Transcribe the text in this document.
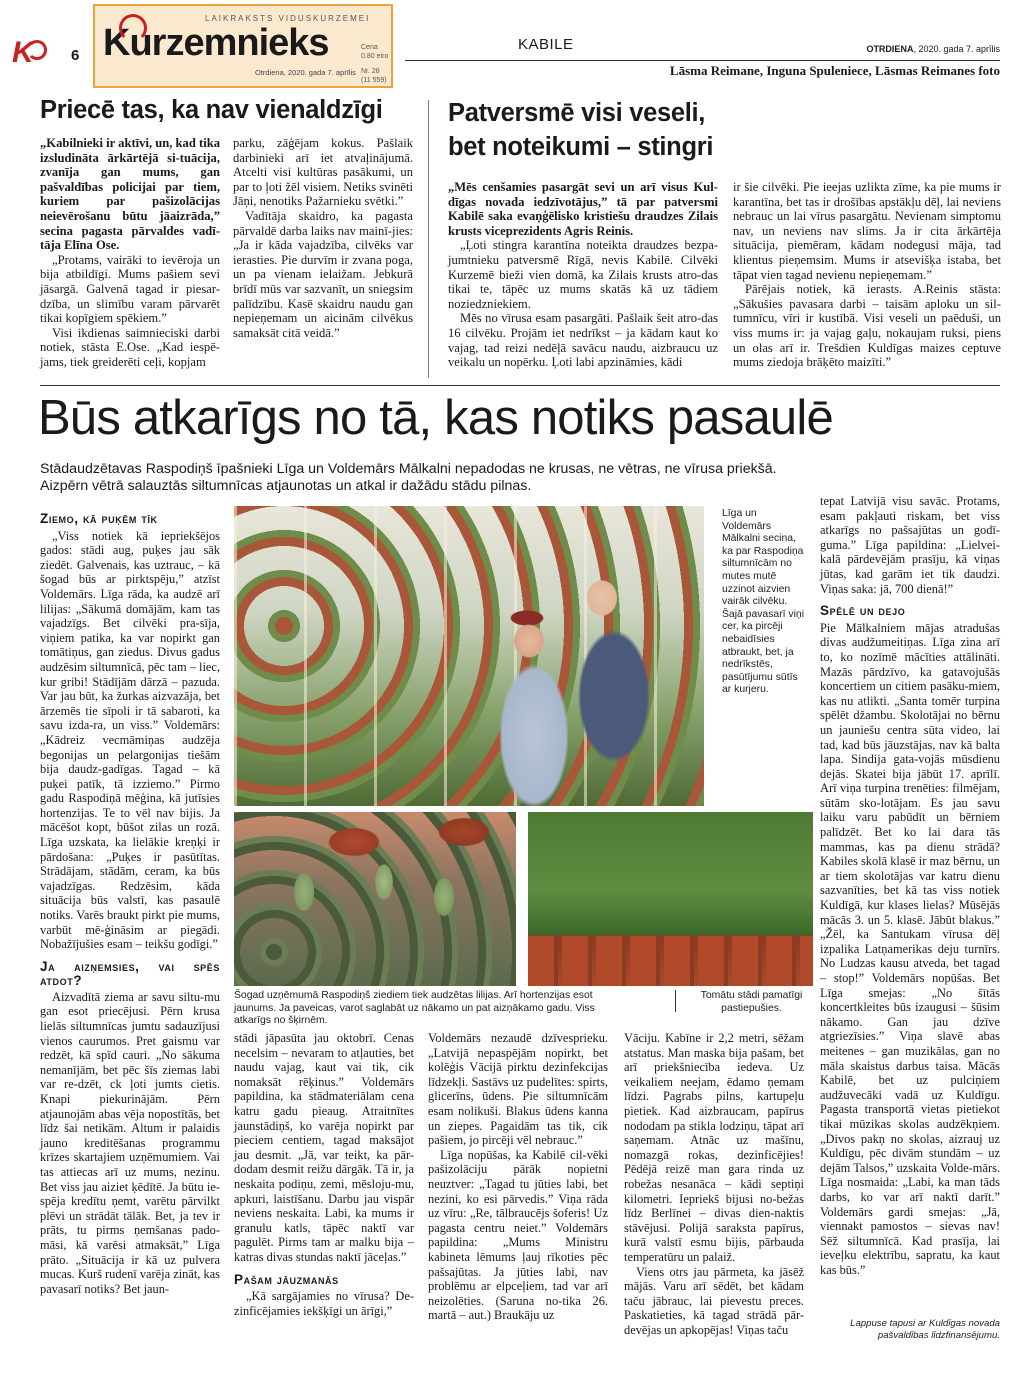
K 6
LAIKRAKSTS VIDUSKURZEMEI
Kurzemnieks	Cena
0.80 eiro
Otrdiena, 2020. gada 7. aprīlis Nr. 28
(11 559)
KABILE	OTRDIENA, 2020. gada 7. aprīlis
Lāsma Reimane, Inguna Spuleniece, Lāsmas Reimanes foto
Priecē tas, ka nav vienaldzīgi

„Kabilnieki ir aktīvi, un, kad tika izsludināta ārkārtējā si-tuācija, zvanīja gan mums, gan pašvaldības policijai par tiem, kuriem par pašizolācijas neievērošanu būtu jāaizrāda,” secina pagasta pārvaldes vadī-tāja Elīna Ose.

„Protams, vairāki to ievēroja un bija atbildīgi. Mums pašiem sevi jāsargā. Galvenā tagad ir piesar-dzība, un slimību varam pārvarēt tikai kopīgiem spēkiem.”

Visi ikdienas saimnieciski darbi notiek, stāsta E.Ose. „Kad iespē-jams, tiek greiderēti ceļi, kopjam

parku, zāģējam kokus. Pašlaik darbinieki arī iet atvaļinājumā. Atcelti visi kultūras pasākumi, un par to ļoti žēl visiem. Netiks svinēti Jāņi, nenotiks Pažarnieku svētki.”

Vadītāja skaidro, ka pagasta pārvaldē darba laiks nav mainī-jies: „Ja ir kāda vajadzība, cilvēks var ierasties. Pie durvīm ir zvana poga, un pa vienam ielaižam. Jebkurā brīdī mūs var sazvanīt, un sniegsim palīdzību. Kasē skaidru naudu gan nepieņemam un aicinām cilvēkus samaksāt citā veidā.”

Patversmē visi veseli,
bet noteikumi – stingri

„Mēs cenšamies pasargāt sevi un arī visus Kul-dīgas novada iedzīvotājus,” tā par patversmi Kabilē saka evaņģēlisko kristiešu draudzes Zilais krusts viceprezidents Agris Reinis.

„Ļoti stingra karantīna noteikta draudzes bezpa-jumtnieku patversmē Rīgā, nevis Kabilē. Cilvēki Kurzemē bieži vien domā, ka Zilais krusts atro-das tikai te, tāpēc uz mums skatās kā uz tādiem noziedzniekiem.

Mēs no vīrusa esam pasargāti. Pašlaik šeit atro-das 16 cilvēku. Projām iet nedrīkst – ja kādam kaut ko vajag, tad reizi nedēļā savācu naudu, aizbraucu uz veikalu un nopērku. Ļoti labi apzināmies, kādi

ir šie cilvēki. Pie ieejas uzlikta zīme, ka pie mums ir karantīna, bet tas ir drošības apstākļu dēļ, lai neviens nebrauc un lai vīrus pasargātu. Nevienam simptomu nav, un neviens nav slims. Ja ir cita ārkārtēja situācija, piemēram, kādam nodegusi māja, tad klientus pieņemsim. Mums ir atsevišķa istaba, bet tāpat vien tagad nevienu nepieņemam.”

Pārējais notiek, kā ierasts. A.Reinis stāsta: „Sākušies pavasara darbi – taisām aploku un sil-tumnīcu, vīri ir kustībā. Visi veseli un paēduši, un viss mums ir: ja vajag gaļu, nokaujam ruksi, piens un olas arī ir. Trešdien Kuldīgas maizes ceptuve mums ziedoja brāķēto maizīti.”

Būs atkarīgs no tā, kas notiks pasaulē
Stādaudzētavas Raspodiņš īpašnieki Līga un Voldemārs Mālkalni nepadodas ne krusas, ne vētras, ne vīrusa priekšā.
Aizpērn vētrā salauztās siltumnīcas atjaunotas un atkal ir dažādu stādu pilnas.
Ziemo, kā puķēm tīk

„Viss notiek kā iepriekšējos gados: stādi aug, puķes jau sāk ziedēt. Galvenais, kas uztrauc, – kā šogad būs ar pirktspēju,” atzīst Voldemārs. Līga rāda, ka audzē arī lilijas: „Sākumā domājām, kam tas vajadzīgs. Bet cilvēki pra-sīja, viņiem patika, ka var nopirkt gan tomātiņus, gan ziedus. Divus gadus audzēsim siltumnīcā, pēc tam – liec, kur gribi! Stādījām dārzā – pazuda. Var jau būt, ka žurkas aizvazāja, bet ārzemēs tie sīpoli ir tā sabaroti, ka savu izda-ra, un viss.” Voldemārs: „Kādreiz vecmāmiņas audzēja begonijas un pelargonijas tiešām bija daudz-gadīgas. Tagad – kā puķei patīk, tā izziemo.” Pirmo gadu Raspodiņā mēģina, kā jutīsies hortenzijas. Te to vēl nav bijis. Ja mācēšot kopt, būšot zilas un rozā. Līga uzskata, ka lielākie kreņķi ir pārdošana: „Puķes ir pasūtītas. Strādājam, stādām, ceram, ka būs vajadzīgas. Redzēsim, kāda situācija būs valstī, kas pasaulē notiks. Varēs braukt pirkt pie mums, varbūt mē-ģināsim ar piegādi. Nobažījušies esam – teikšu godīgi.”

Ja aizņemsies, vai spēs atdot?

Aizvadītā ziema ar savu siltu-mu gan esot priecējusi. Pērn krusa lielās siltumnīcas jumtu sadauzījusi vienos caurumos. Pret gaismu var redzēt, kā spīd cauri. „No sākuma nemanījām, bet pēc šīs ziemas labi var re-dzēt, ck ļoti jumts cietis. Knapi piekurinājām. Pērn atjaunojām abas vēja nopostītās, bet līdz šai netikām. Altum ir palaidis jauno kreditēšanas programmu krīzes skartajiem uzņēmumiem. Vai tas attiecas arī uz mums, nezinu. Bet viss jau aiziet ķēdītē. Ja būtu ie-spēja kredītu ņemt, varētu pārvilkt plēvi un strādāt tālāk. Bet, ja tev ir prāts, tu pirms ņemšanas pado-māsi, kā varēsi atmaksāt,” Līga prāto. „Situācija ir kā uz pulvera mucas. Kurš rudenī varēja zināt, kas pavasarī notiks? Bet jaun-

Līga un Voldemārs Mālkalni secina, ka par Raspodiņa siltumnīcām no mutes mutē uzzinot aizvien vairāk cilvēku. Šajā pavasarī viņi cer, ka pircēji nebaidīsies atbraukt, bet, ja nedrīkstēs, pasūtījumu sūtīs ar kurjeru.
Šogad uzņēmumā Raspodiņš ziediem tiek audzētas lilijas. Arī hortenzijas esot jaunums. Ja paveicas, varot saglabāt uz nākamo un pat aizņākamo gadu. Viss atkarīgs no šķirnēm.
Tomātu stādi pamatīgi pastiepušies.

stādi jāpasūta jau oktobrī. Cenas necelsim – nevaram to atļauties, bet naudu vajag, kaut vai tik, cik nomaksāt rēķinus.” Voldemārs papildina, ka stādmateriālam cena katru gadu pieaug. Atraitnītes jaunstādiņš, ko varēja nopirkt par pieciem centiem, tagad maksājot jau desmit. „Jā, var teikt, ka pār-dodam desmit reižu dārgāk. Tā ir, ja neskaita podiņu, zemi, mēsloju-mu, apkuri, laistīšanu. Darbu jau vispār neviens neskaita. Labi, ka mums ir granulu katls, tāpēc naktī var pagulēt. Pirms tam ar malku bija – katras divas stundas naktī jāceļas.”

Pašam jāuzmanās

„Kā sargājamies no vīrusa? De-zinficējamies iekšķīgi un ārīgi,”

Voldemārs nezaudē dzīvesprieku. „Latvijā nepaspējām nopirkt, bet kolēģis Vācijā pirktu dezinfekcijas līdzekļi. Sastāvs uz pudelītes: spirts, glicerīns, ūdens. Pie siltumnīcām esam nolikuši. Blakus ūdens kanna un ziepes. Pagaidām tas tik, cik pašiem, jo pircēji vēl nebrauc.”

Līga nopūšas, ka Kabilē cil-vēki pašizolāciju pārāk nopietni neuztver: „Tagad tu jūties labi, bet nezini, ko esi pārvedis.” Viņa rāda uz vīru: „Re, tālbraucējs šoferis! Uz pagasta centru neiet.” Voldemārs papildina: „Mums Ministru kabineta lēmums ļauj rīkoties pēc pašsajūtas. Ja jūties labi, nav problēmu ar elpceļiem, tad var arī neizolēties. (Saruna no-tika 26. martā – aut.) Braukāju uz

Vāciju. Kabīne ir 2,2 metri, sēžam atstatus. Man maska bija pašam, bet arī priekšniecība iedeva. Uz veikaliem neejam, ēdamo ņemam līdzi. Pagrabs pilns, kartupeļu pietiek. Kad aizbraucam, papīrus nododam pa stikla lodziņu, tāpat arī saņemam. Atnāc uz mašīnu, nomazgā rokas, dezinficējies! Pēdējā reizē man gara rinda uz robežas nesanāca – kādi septiņi kilometri. Iepriekš bijusi no-bežas līdz Berlīnei – divas dien-naktis stāvējusi. Polijā saraksta papīrus, kurā valstī esmu bijis, pārbauda temperatūru un palaiž.

Viens otrs jau pārmeta, ka jāsēž mājās. Varu arī sēdēt, bet kādam taču jābrauc, lai pievestu preces. Paskatieties, kā tagad strādā pār-devējas un apkopējas! Viņas taču

tepat Latvijā visu savāc. Protams, esam pakļauti riskam, bet viss atkarīgs no pašsajūtas un godī-guma.” Līga papildina: „Lielvei-kalā pārdevējām prasīju, kā viņas jūtas, kad garām iet tik daudzi. Viņas saka: jā, 700 dienā!”

Spēlē un dejo

Pie Mālkalniem mājas atradušas divas audžumeitiņas. Līga zina arī to, ko nozīmē mācīties attālināti. Mazās pārdzīvo, ka gatavojušās koncertiem un citiem pasāku-miem, kas nu atlikti. „Santa tomēr turpina spēlēt džambu. Skolotājai no bērnu un jauniešu centra sūta video, lai tad, kad būs jāuzstājas, nav kā balta lapa. Sindija gata-vojās mūsdienu dejās. Skatei bija jābūt 17. aprīlī. Arī viņa turpina trenēties: filmējam, sūtām sko-lotājam. Es jau savu laiku varu pabūdīt un bērniem palīdzēt. Bet ko lai dara tās mammas, kas pa dienu strādā? Kabiles skolā klasē ir maz bērnu, un ar tiem skolotājas var katru dienu sazvanīties, bet kā tas viss notiek Kuldīgā, kur klases lielas? Mūsējās mācās 3. un 5. klasē. Jābūt blakus.” „Žēl, ka Santukam vīrusa dēļ izpalika Latņamerikas deju turnīrs. No Ludzas kausu atveda, bet tagad – stop!” Voldemārs nopūšas. Bet Līga smejas: „No šītās koncertkleites būs izaugusi – šūsim nākamo. Gan jau dzīve atgriezīsies.” Viņa slavē abas meitenes – gan muzikālas, gan no māla skaistus darbus taisa. Mācās Kabilē, bet uz pulciņiem audžuvecāki vadā uz Kuldīgu. Pagasta transportā vietas pietiekot tikai mūzikas skolas audzēkņiem. „Divos pakņ no skolas, aizrauj uz Kuldīgu, pēc divām stundām – uz dejām Talsos,” uzskaita Volde-mārs. Līga nosmaida: „Labi, ka man tāds darbs, ko var arī naktī darīt.” Voldemārs gardi smejas: „Jā, viennakt pamostos – sievas nav! Sēž siltumnīcā. Kad prasīja, lai ieveļku elektrību, sapratu, ka kaut kas būs.”

Lappuse tapusi ar Kuldīgas novada pašvaldības līdzfinansējumu.
